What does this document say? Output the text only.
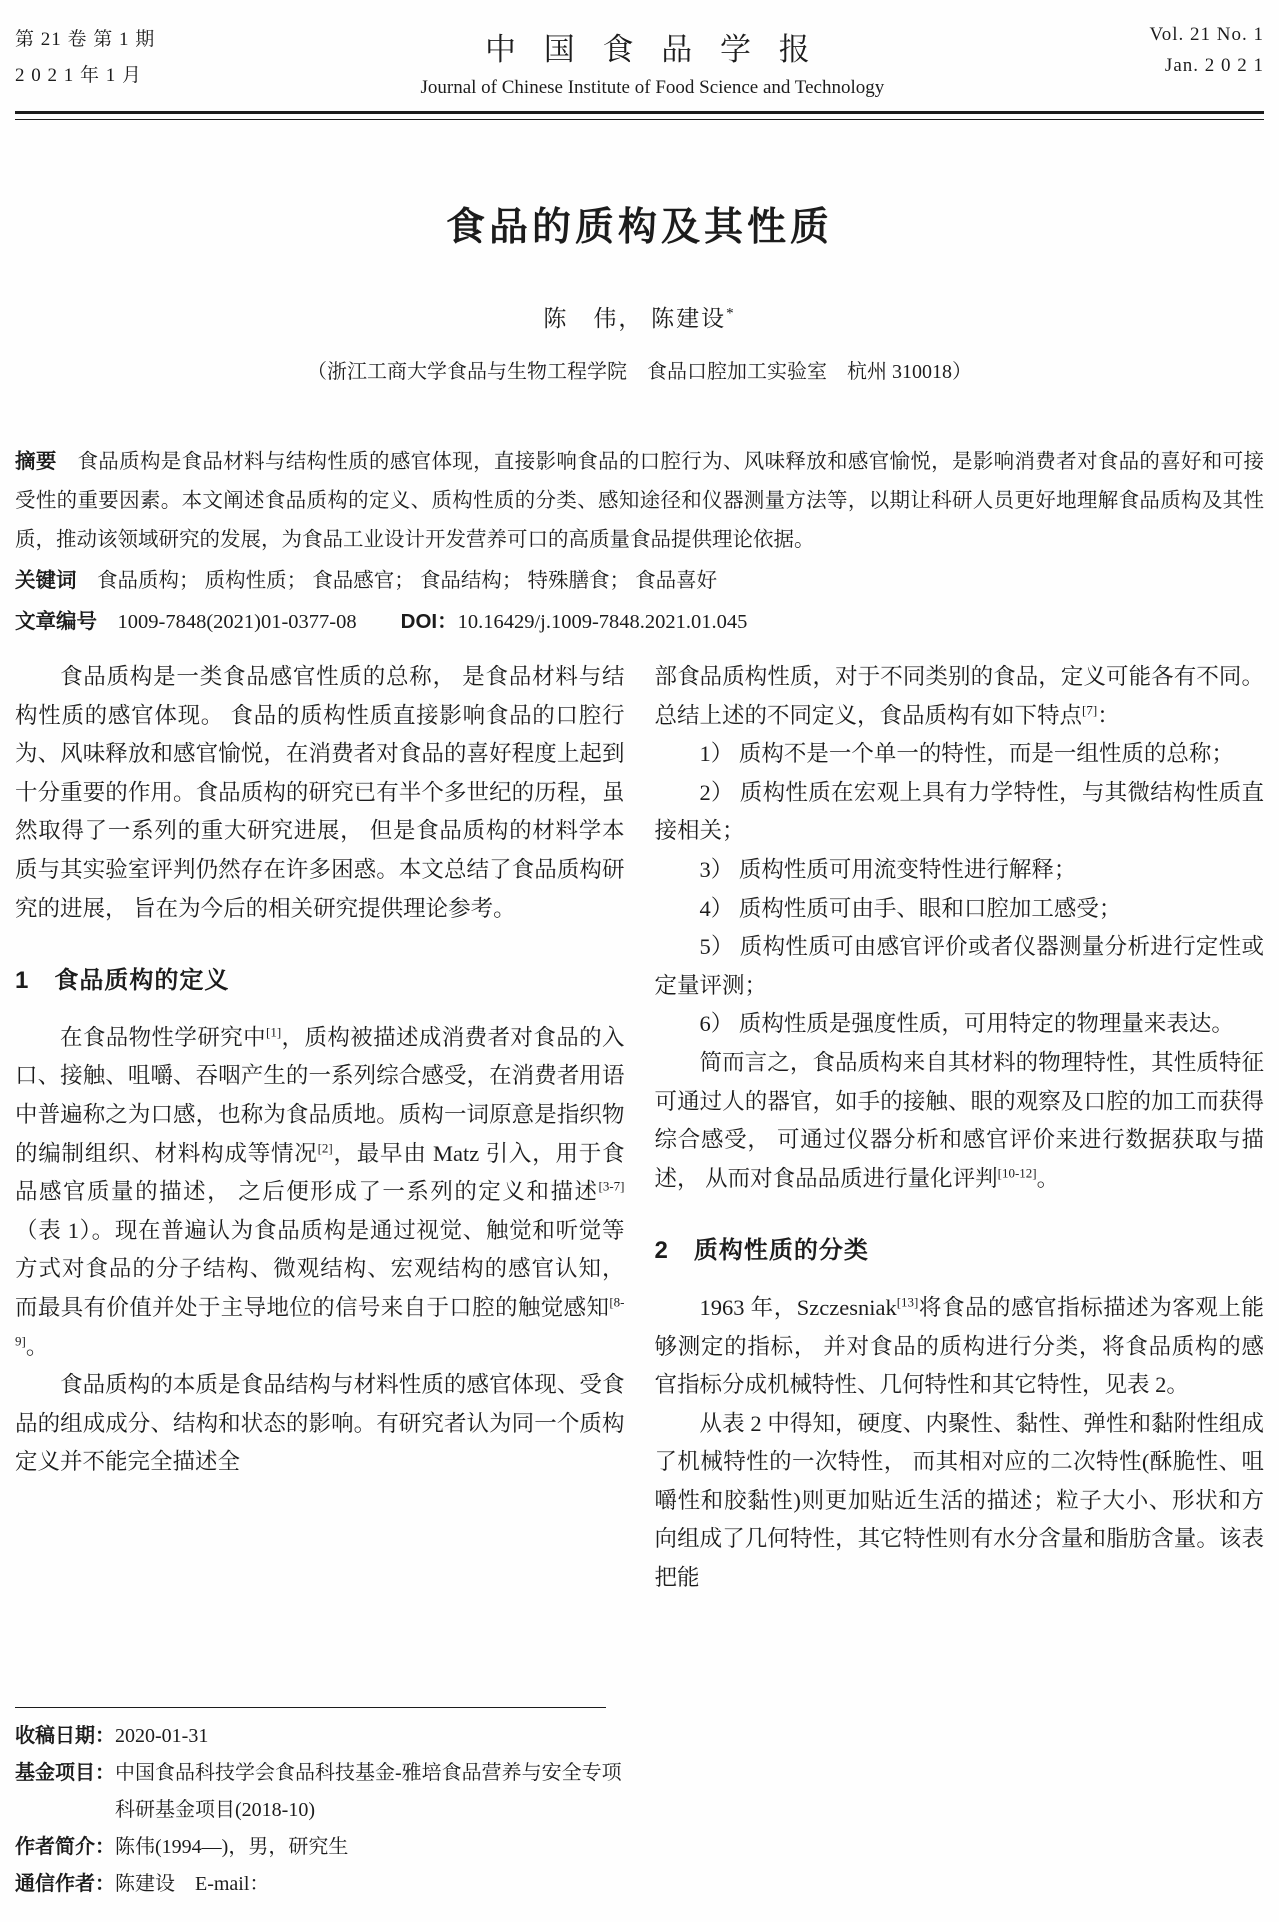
第 21 卷 第 1 期
2 0 2 1 年 1 月
中 国 食 品 学 报
Journal of Chinese Institute of Food Science and Technology
Vol. 21 No. 1
Jan. 2 0 2 1
食品的质构及其性质
陈　伟， 陈建设*
（浙江工商大学食品与生物工程学院　食品口腔加工实验室　杭州 310018）
摘要　 食品质构是食品材料与结构性质的感官体现，直接影响食品的口腔行为、风味释放和感官愉悦，是影响消费者对食品的喜好和可接受性的重要因素。本文阐述食品质构的定义、质构性质的分类、感知途径和仪器测量方法等，以期让科研人员更好地理解食品质构及其性质，推动该领域研究的发展，为食品工业设计开发营养可口的高质量食品提供理论依据。
关键词　 食品质构； 质构性质； 食品感官； 食品结构； 特殊膳食； 食品喜好
文章编号　 1009-7848(2021)01-0377-08 DOI：10.16429/j.1009-7848.2021.01.045

食品质构是一类食品感官性质的总称， 是食品材料与结构性质的感官体现。 食品的质构性质直接影响食品的口腔行为、风味释放和感官愉悦，在消费者对食品的喜好程度上起到十分重要的作用。食品质构的研究已有半个多世纪的历程，虽然取得了一系列的重大研究进展， 但是食品质构的材料学本质与其实验室评判仍然存在许多困惑。本文总结了食品质构研究的进展， 旨在为今后的相关研究提供理论参考。

1　食品质构的定义

在食品物性学研究中[1]，质构被描述成消费者对食品的入口、接触、咀嚼、吞咽产生的一系列综合感受，在消费者用语中普遍称之为口感，也称为食品质地。质构一词原意是指织物的编制组织、材料构成等情况[2]，最早由 Matz 引入，用于食品感官质量的描述， 之后便形成了一系列的定义和描述[3-7]（表 1）。现在普遍认为食品质构是通过视觉、触觉和听觉等方式对食品的分子结构、微观结构、宏观结构的感官认知， 而最具有价值并处于主导地位的信号来自于口腔的触觉感知[8-9]。

食品质构的本质是食品结构与材料性质的感官体现、受食品的组成成分、结构和状态的影响。有研究者认为同一个质构定义并不能完全描述全

收稿日期： 2020-01-31
基金项目： 中国食品科技学会食品科技基金-雅培食品营养与安全专项科研基金项目(2018-10)
作者简介： 陈伟(1994—)，男，研究生
通信作者： 陈建设　E-mail：

部食品质构性质，对于不同类别的食品，定义可能各有不同。总结上述的不同定义，食品质构有如下特点[7]：

1） 质构不是一个单一的特性，而是一组性质的总称；

2） 质构性质在宏观上具有力学特性，与其微结构性质直接相关；

3） 质构性质可用流变特性进行解释；

4） 质构性质可由手、眼和口腔加工感受；

5） 质构性质可由感官评价或者仪器测量分析进行定性或定量评测；

6） 质构性质是强度性质，可用特定的物理量来表达。

简而言之，食品质构来自其材料的物理特性，其性质特征可通过人的器官，如手的接触、眼的观察及口腔的加工而获得综合感受， 可通过仪器分析和感官评价来进行数据获取与描述， 从而对食品品质进行量化评判[10-12]。

2　质构性质的分类

1963 年，Szczesniak[13]将食品的感官指标描述为客观上能够测定的指标， 并对食品的质构进行分类，将食品质构的感官指标分成机械特性、几何特性和其它特性，见表 2。

从表 2 中得知，硬度、内聚性、黏性、弹性和黏附性组成了机械特性的一次特性， 而其相对应的二次特性(酥脆性、咀嚼性和胶黏性)则更加贴近生活的描述；粒子大小、形状和方向组成了几何特性，其它特性则有水分含量和脂肪含量。该表把能
